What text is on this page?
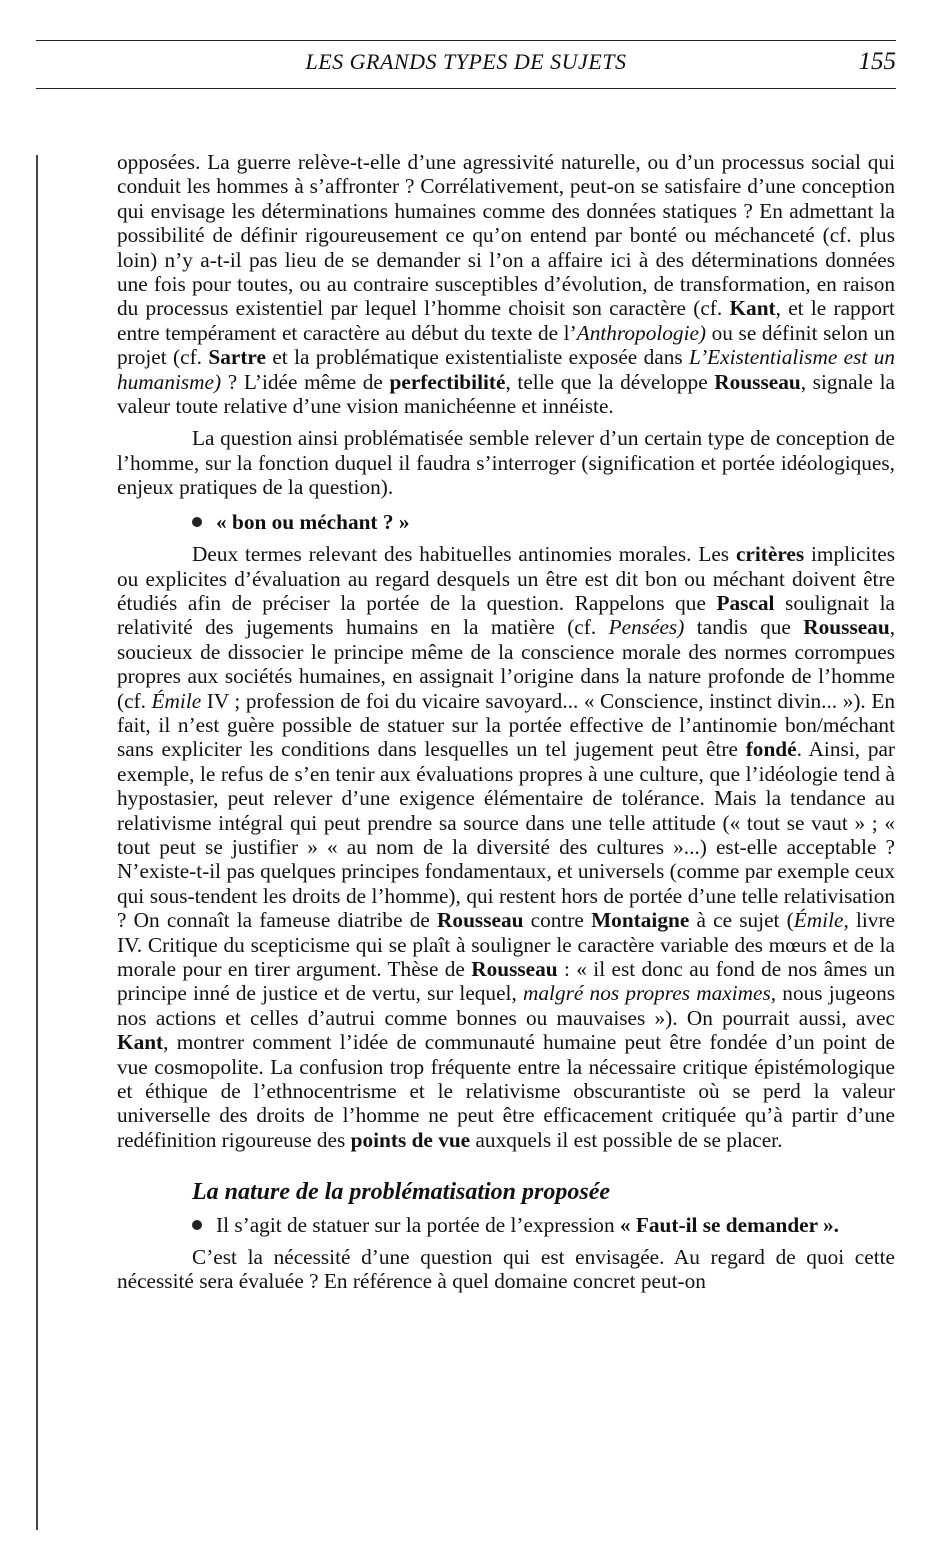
LES GRANDS TYPES DE SUJETS	155

opposées. La guerre relève-t-elle d’une agressivité naturelle, ou d’un processus social qui conduit les hommes à s’affronter ? Corrélativement, peut-on se satisfaire d’une conception qui envisage les déterminations humaines comme des données statiques ? En admettant la possibilité de définir rigoureusement ce qu’on entend par bonté ou méchanceté (cf. plus loin) n’y a-t-il pas lieu de se demander si l’on a affaire ici à des déterminations données une fois pour toutes, ou au contraire susceptibles d’évolution, de transformation, en raison du processus existentiel par lequel l’homme choisit son caractère (cf. Kant, et le rapport entre tempérament et caractère au début du texte de l’Anthropologie) ou se définit selon un projet (cf. Sartre et la problématique existentialiste exposée dans L’Existentialisme est un humanisme) ? L’idée même de perfectibilité, telle que la développe Rousseau, signale la valeur toute relative d’une vision manichéenne et innéiste.

La question ainsi problématisée semble relever d’un certain type de conception de l’homme, sur la fonction duquel il faudra s’interroger (signification et portée idéologiques, enjeux pratiques de la question).

« bon ou méchant ? »

Deux termes relevant des habituelles antinomies morales. Les critères implicites ou explicites d’évaluation au regard desquels un être est dit bon ou méchant doivent être étudiés afin de préciser la portée de la question. Rappelons que Pascal soulignait la relativité des jugements humains en la matière (cf. Pensées) tandis que Rousseau, soucieux de dissocier le principe même de la conscience morale des normes corrompues propres aux sociétés humaines, en assignait l’origine dans la nature profonde de l’homme (cf. Émile IV ; profession de foi du vicaire savoyard... « Conscience, instinct divin... »). En fait, il n’est guère possible de statuer sur la portée effective de l’antinomie bon/méchant sans expliciter les conditions dans lesquelles un tel jugement peut être fondé. Ainsi, par exemple, le refus de s’en tenir aux évaluations propres à une culture, que l’idéologie tend à hypostasier, peut relever d’une exigence élémentaire de tolérance. Mais la tendance au relativisme intégral qui peut prendre sa source dans une telle attitude (« tout se vaut » ; « tout peut se justifier » « au nom de la diversité des cultures »...) est-elle acceptable ? N’existe-t-il pas quelques principes fondamentaux, et universels (comme par exemple ceux qui sous-tendent les droits de l’homme), qui restent hors de portée d’une telle relativisation ? On connaît la fameuse diatribe de Rousseau contre Montaigne à ce sujet (Émile, livre IV. Critique du scepticisme qui se plaît à souligner le caractère variable des mœurs et de la morale pour en tirer argument. Thèse de Rousseau : « il est donc au fond de nos âmes un principe inné de justice et de vertu, sur lequel, malgré nos propres maximes, nous jugeons nos actions et celles d’autrui comme bonnes ou mauvaises »). On pourrait aussi, avec Kant, montrer comment l’idée de communauté humaine peut être fondée d’un point de vue cosmopolite. La confusion trop fréquente entre la nécessaire critique épistémologique et éthique de l’ethnocentrisme et le relativisme obscurantiste où se perd la valeur universelle des droits de l’homme ne peut être efficacement critiquée qu’à partir d’une redéfinition rigoureuse des points de vue auxquels il est possible de se placer.

La nature de la problématisation proposée

Il s’agit de statuer sur la portée de l’expression « Faut-il se demander ».

C’est la nécessité d’une question qui est envisagée. Au regard de quoi cette nécessité sera évaluée ? En référence à quel domaine concret peut-on
